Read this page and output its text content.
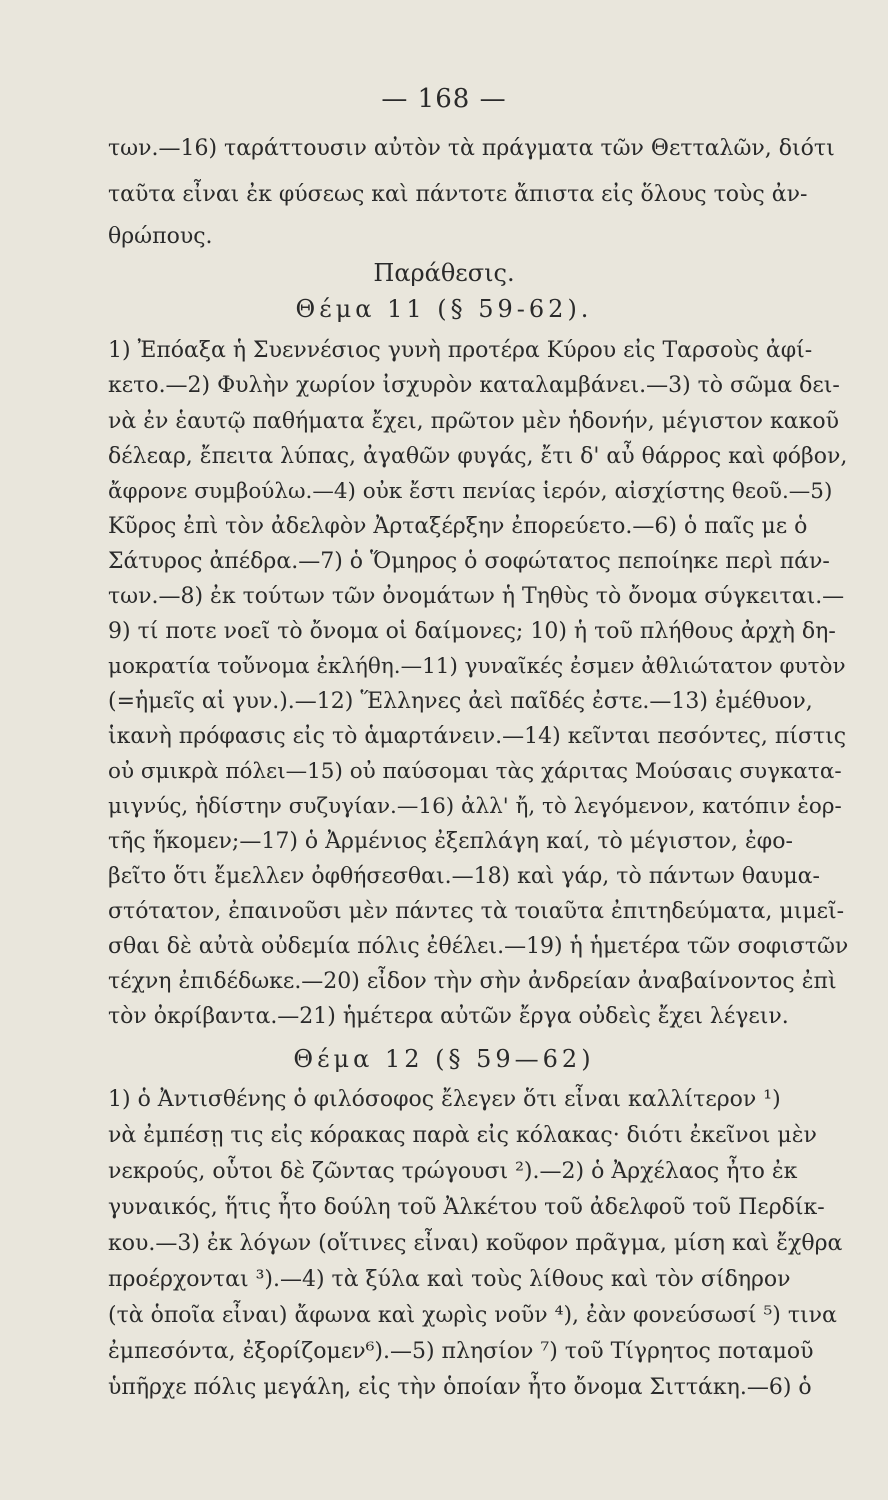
— 168 —
των.—16) ταράττουσιν αὐτὸν τὰ πράγματα τῶν Θετταλῶν, διότι
ταῦτα εἶναι ἐκ φύσεως καὶ πάντοτε ἄπιστα εἰς ὅλους τοὺς ἀν-
θρώπους.
Παράθεσις.
Θέμα 11 (§ 59-62).
1) Ἐπόαξα ἡ Συεννέσιος γυνὴ προτέρα Κύρου εἰς Ταρσοὺς ἀφί-
κετο.—2) Φυλὴν χωρίον ἰσχυρὸν καταλαμβάνει.—3) τὸ σῶμα δει-
νὰ ἐν ἑαυτῷ παθήματα ἔχει, πρῶτον μὲν ἡδονήν, μέγιστον κακοῦ
δέλεαρ, ἔπειτα λύπας, ἀγαθῶν φυγάς, ἔτι δ' αὖ θάρρος καὶ φόβον,
ἄφρονε συμβούλω.—4) οὐκ ἔστι πενίας ἱερόν, αἰσχίστης θεοῦ.—5)
Κῦρος ἐπὶ τὸν ἀδελφὸν Ἀρταξέρξην ἐπορεύετο.—6) ὁ παῖς με ὁ
Σάτυρος ἀπέδρα.—7) ὁ Ὅμηρος ὁ σοφώτατος πεποίηκε περὶ πάν-
των.—8) ἐκ τούτων τῶν ὀνομάτων ἡ Τηθὺς τὸ ὄνομα σύγκειται.—
9) τί ποτε νοεῖ τὸ ὄνομα οἱ δαίμονες; 10) ἡ τοῦ πλήθους ἀρχὴ δη-
μοκρατία τοὔνομα ἐκλήθη.—11) γυναῖκές ἐσμεν ἀθλιώτατον φυτὸν
(=ἡμεῖς αἱ γυν.).—12) Ἕλληνες ἀεὶ παῖδές ἐστε.—13) ἐμέθυον,
ἱκανὴ πρόφασις εἰς τὸ ἁμαρτάνειν.—14) κεῖνται πεσόντες, πίστις
οὐ σμικρὰ πόλει—15) οὐ παύσομαι τὰς χάριτας Μούσαις συγκατα-
μιγνύς, ἡδίστην συζυγίαν.—16) ἀλλ' ἤ, τὸ λεγόμενον, κατόπιν ἑορ-
τῆς ἥκομεν;—17) ὁ Ἀρμένιος ἐξεπλάγη καί, τὸ μέγιστον, ἐφο-
βεῖτο ὅτι ἔμελλεν ὀφθήσεσθαι.—18) καὶ γάρ, τὸ πάντων θαυμα-
στότατον, ἐπαινοῦσι μὲν πάντες τὰ τοιαῦτα ἐπιτηδεύματα, μιμεῖ-
σθαι δὲ αὐτὰ οὐδεμία πόλις ἐθέλει.—19) ἡ ἡμετέρα τῶν σοφιστῶν
τέχνη ἐπιδέδωκε.—20) εἶδον τὴν σὴν ἀνδρείαν ἀναβαίνοντος ἐπὶ
τὸν ὀκρίβαντα.—21) ἡμέτερα αὐτῶν ἔργα οὐδεὶς ἔχει λέγειν.
Θέμα 12 (§ 59—62)
1) ὁ Ἀντισθένης ὁ φιλόσοφος ἔλεγεν ὅτι εἶναι καλλίτερον ¹)
νὰ ἐμπέσῃ τις εἰς κόρακας παρὰ εἰς κόλακας· διότι ἐκεῖνοι μὲν
νεκρούς, οὗτοι δὲ ζῶντας τρώγουσι ²).—2) ὁ Ἀρχέλαος ἦτο ἐκ
γυναικός, ἥτις ἦτο δούλη τοῦ Ἀλκέτου τοῦ ἀδελφοῦ τοῦ Περδίκ-
κου.—3) ἐκ λόγων (οἵτινες εἶναι) κοῦφον πρᾶγμα, μίση καὶ ἔχθρα
προέρχονται ³).—4) τὰ ξύλα καὶ τοὺς λίθους καὶ τὸν σίδηρον
(τὰ ὁποῖα εἶναι) ἄφωνα καὶ χωρὶς νοῦν ⁴), ἐὰν φονεύσωσί ⁵) τινα
ἐμπεσόντα, ἐξορίζομεν⁶).—5) πλησίον ⁷) τοῦ Τίγρητος ποταμοῦ
ὑπῆρχε πόλις μεγάλη, εἰς τὴν ὁποίαν ἦτο ὄνομα Σιττάκη.—6) ὁ
